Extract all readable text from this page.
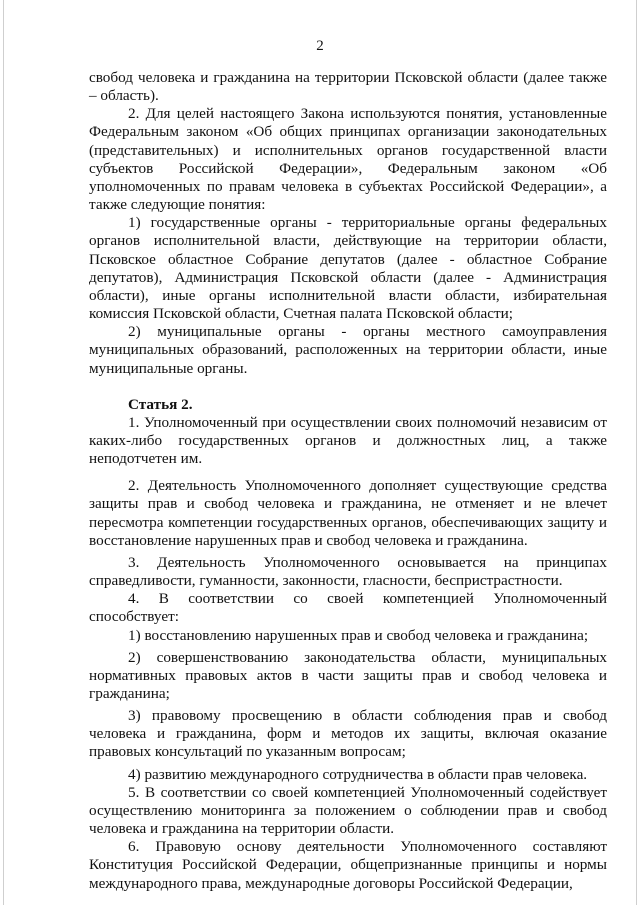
2

свобод человека и гражданина на территории Псковской области (далее также – область).

2. Для целей настоящего Закона используются понятия, установленные Федеральным законом «Об общих принципах организации законодательных (представительных) и исполнительных органов государственной власти субъектов Российской Федерации», Федеральным законом «Об уполномоченных по правам человека в субъектах Российской Федерации», а также следующие понятия:

1) государственные органы - территориальные органы федеральных органов исполнительной власти, действующие на территории области, Псковское областное Собрание депутатов (далее - областное Собрание депутатов), Администрация Псковской области (далее - Администрация области), иные органы исполнительной власти области, избирательная комиссия Псковской области, Счетная палата Псковской области;

2) муниципальные органы - органы местного самоуправления муниципальных образований, расположенных на территории области, иные муниципальные органы.

Статья 2.

1. Уполномоченный при осуществлении своих полномочий независим от каких-либо государственных органов и должностных лиц, а также неподотчетен им.

2. Деятельность Уполномоченного дополняет существующие средства защиты прав и свобод человека и гражданина, не отменяет и не влечет пересмотра компетенции государственных органов, обеспечивающих защиту и восстановление нарушенных прав и свобод человека и гражданина.

3. Деятельность Уполномоченного основывается на принципах справедливости, гуманности, законности, гласности, беспристрастности.

4. В соответствии со своей компетенцией Уполномоченный способствует:

1) восстановлению нарушенных прав и свобод человека и гражданина;

2) совершенствованию законодательства области, муниципальных нормативных правовых актов в части защиты прав и свобод человека и гражданина;

3) правовому просвещению в области соблюдения прав и свобод человека и гражданина, форм и методов их защиты, включая оказание правовых консультаций по указанным вопросам;

4) развитию международного сотрудничества в области прав человека.

5. В соответствии со своей компетенцией Уполномоченный содействует осуществлению мониторинга за положением о соблюдении прав и свобод человека и гражданина на территории области.

6. Правовую основу деятельности Уполномоченного составляют Конституция Российской Федерации, общепризнанные принципы и нормы международного права, международные договоры Российской Федерации,
